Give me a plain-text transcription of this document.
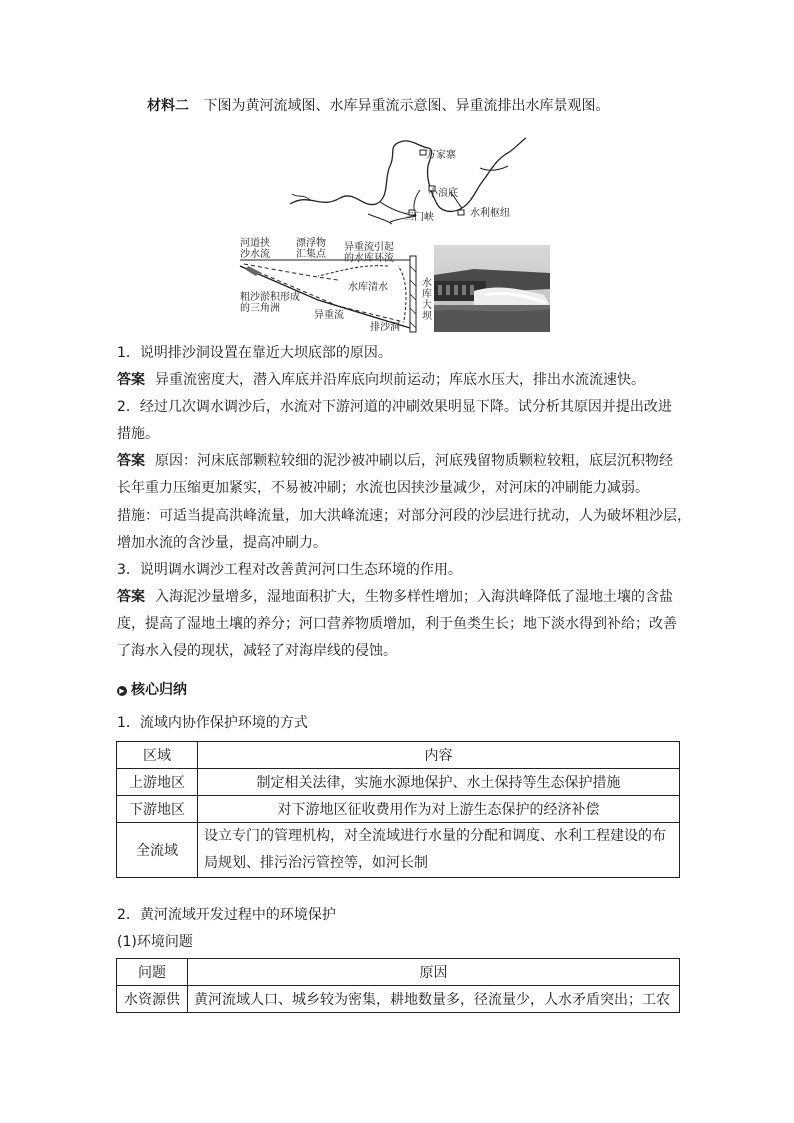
材料二 下图为黄河流域图、水库异重流示意图、异重流排出水库景观图。
万家寨
小浪底
三门峡	水利枢纽
河道挟
沙水流
漂浮物
汇集点
异重流引起
的水库环流
水库清水
粗沙淤积形成
的三角洲
异重流
排沙洞
水
库
大
坝
1．说明排沙洞设置在靠近大坝底部的原因。
答案 异重流密度大，潜入库底并沿库底向坝前运动；库底水压大，排出水流流速快。
2．经过几次调水调沙后，水流对下游河道的冲刷效果明显下降。试分析其原因并提出改进
措施。
答案 原因：河床底部颗粒较细的泥沙被冲刷以后，河底残留物质颗粒较粗，底层沉积物经
长年重力压缩更加紧实，不易被冲刷；水流也因挟沙量减少，对河床的冲刷能力减弱。
措施：可适当提高洪峰流量，加大洪峰流速；对部分河段的沙层进行扰动，人为破坏粗沙层，
增加水流的含沙量，提高冲刷力。
3．说明调水调沙工程对改善黄河河口生态环境的作用。
答案 入海泥沙量增多，湿地面积扩大，生物多样性增加；入海洪峰降低了湿地土壤的含盐
度，提高了湿地土壤的养分；河口营养物质增加，利于鱼类生长；地下淡水得到补给；改善
了海水入侵的现状，减轻了对海岸线的侵蚀。
▶ 核心归纳
1．流域内协作保护环境的方式
区域	内容
上游地区	制定相关法律，实施水源地保护、水土保持等生态保护措施
下游地区	对下游地区征收费用作为对上游生态保护的经济补偿
全流域	设立专门的管理机构，对全流域进行水量的分配和调度、水利工程建设的布
局规划、排污治污管控等，如河长制
2．黄河流域开发过程中的环境保护
(1)环境问题
问题	原因
水资源供	黄河流域人口、城乡较为密集，耕地数量多，径流量少，人水矛盾突出；工农
